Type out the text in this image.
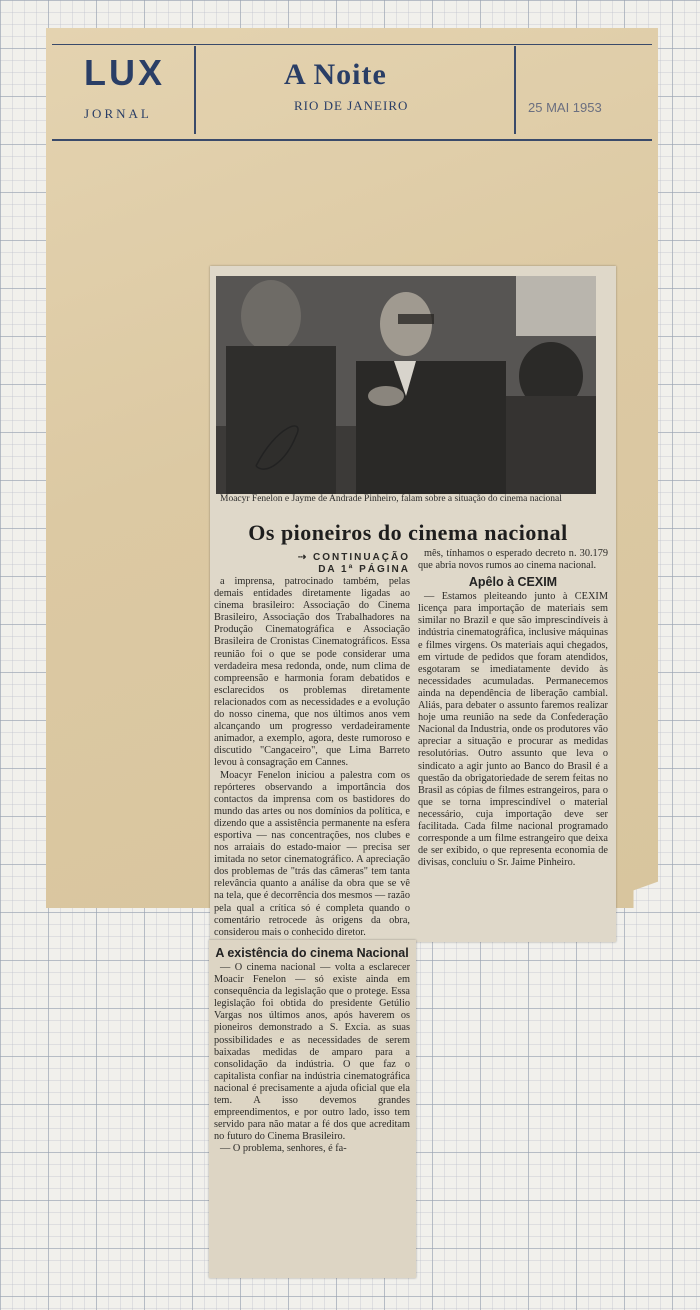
LUX
JORNAL
A Noite
RIO DE JANEIRO	25 MAI 1953
Moacyr Fenelon e Jayme de Andrade Pinheiro, falam sobre a situação do cinema nacional
Os pioneiros do cinema nacional
⇢ CONTINUAÇÃO
DA 1ª PÁGINA

a imprensa, patrocinado também, pelas demais entidades diretamente ligadas ao cinema brasileiro: Associação do Cinema Brasileiro, Associação dos Trabalhadores na Produção Cinematográfica e Associação Brasileira de Cronistas Cinematográficos. Essa reunião foi o que se pode considerar uma verdadeira mesa redonda, onde, num clima de compreensão e harmonia foram debatidos e esclarecidos os problemas diretamente relacionados com as necessidades e a evolução do nosso cinema, que nos últimos anos vem alcançando um progresso verdadeiramente animador, a exemplo, agora, deste rumoroso e discutido "Cangaceiro", que Lima Barreto levou à consagração em Cannes.

Moacyr Fenelon iniciou a palestra com os repórteres observando a importância dos contactos da imprensa com os bastidores do mundo das artes ou nos domínios da política, e dizendo que a assistência permanente na esfera esportiva — nas concentrações, nos clubes e nos arraiais do estado-maior — precisa ser imitada no setor cinematográfico. A apreciação dos problemas de "trás das câmeras" tem tanta relevância quanto a análise da obra que se vê na tela, que é decorrência dos mesmos — razão pela qual a crítica só é completa quando o comentário retrocede às origens da obra, considerou mais o conhecido diretor.

A existência do cinema Nacional

— O cinema nacional — volta a esclarecer Moacir Fenelon — só existe ainda em consequência da legislação que o protege. Essa legislação foi obtida do presidente Getúlio Vargas nos últimos anos, após haverem os pioneiros demonstrado a S. Excia. as suas possibilidades e as necessidades de serem baixadas medidas de amparo para a consolidação da indústria. O que faz o capitalista confiar na indústria cinematográfica nacional é precisamente a ajuda oficial que ela tem. A isso devemos grandes empreendimentos, e por outro lado, isso tem servido para não matar a fé dos que acreditam no futuro do Cinema Brasileiro.

— O problema, senhores, é fa-

mês, tínhamos o esperado decreto n. 30.179 que abria novos rumos ao cinema nacional.

Apêlo à CEXIM

— Estamos pleiteando junto à CEXIM licença para importação de materiais sem similar no Brazil e que são imprescindíveis à indústria cinematográfica, inclusive máquinas e filmes virgens. Os materiais aqui chegados, em virtude de pedidos que foram atendidos, esgotaram se imediatamente devido às necessidades acumuladas. Permanecemos ainda na dependência de liberação cambial. Aliás, para debater o assunto faremos realizar hoje uma reunião na sede da Confederação Nacional da Industria, onde os produtores vão apreciar a situação e procurar as medidas resolutórias. Outro assunto que leva o sindicato a agir junto ao Banco do Brasil é a questão da obrigatoriedade de serem feitas no Brasil as cópias de filmes estrangeiros, para o que se torna imprescindível o material necessário, cuja importação deve ser facilitada. Cada filme nacional programado corresponde a um filme estrangeiro que deixa de ser exibido, o que representa economia de divisas, concluiu o Sr. Jaime Pinheiro.
